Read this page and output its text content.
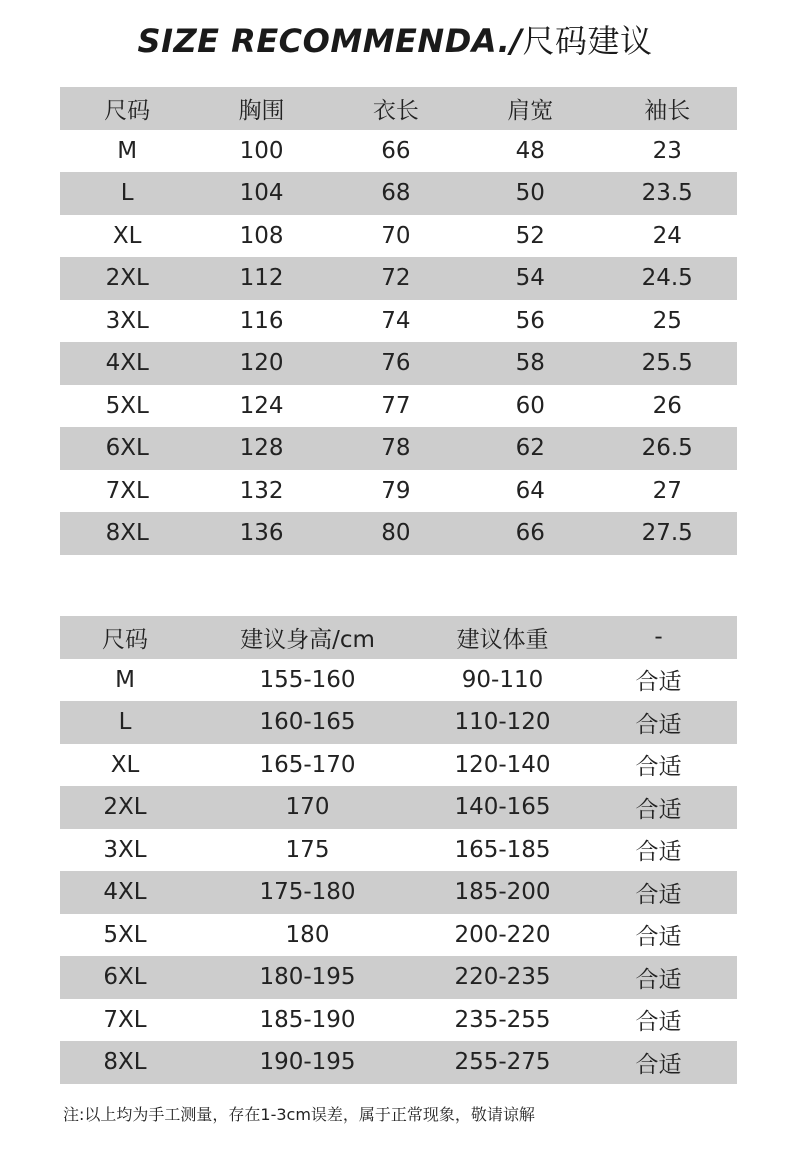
SIZE RECOMMENDA./尺码建议
尺码	胸围	衣长	肩宽	袖长
M	100	66	48	23
L	104	68	50	23.5
XL	108	70	52	24
2XL	112	72	54	24.5
3XL	116	74	56	25
4XL	120	76	58	25.5
5XL	124	77	60	26
6XL	128	78	62	26.5
7XL	132	79	64	27
8XL	136	80	66	27.5
尺码	建议身高/cm	建议体重	-
M	155-160	90-110	合适
L	160-165	110-120	合适
XL	165-170	120-140	合适
2XL	170	140-165	合适
3XL	175	165-185	合适
4XL	175-180	185-200	合适
5XL	180	200-220	合适
6XL	180-195	220-235	合适
7XL	185-190	235-255	合适
8XL	190-195	255-275	合适
注:以上均为手工测量，存在1-3cm误差，属于正常现象，敬请谅解
